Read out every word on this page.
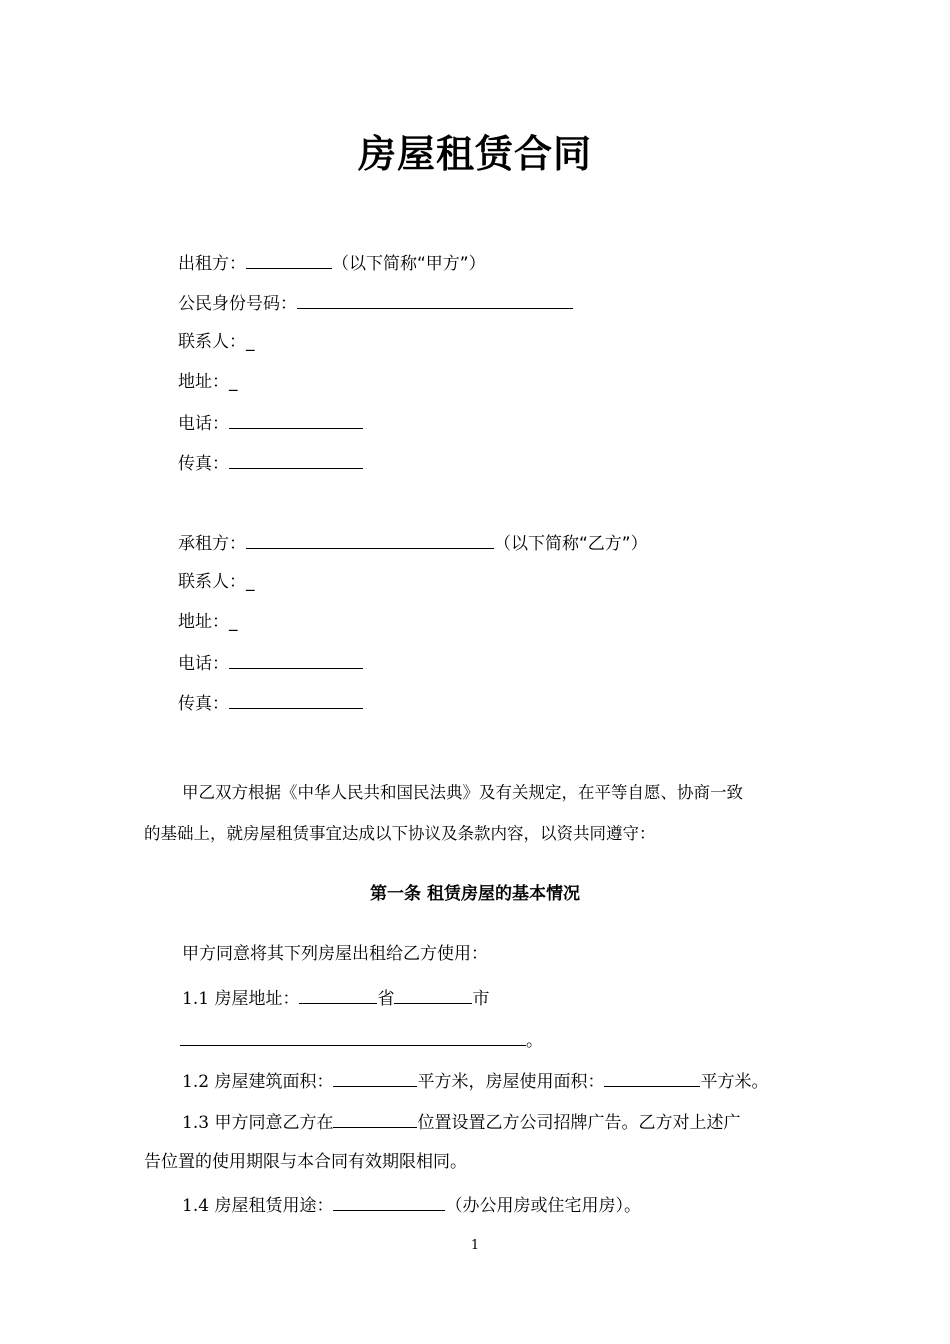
房屋租赁合同
出租方：	（以下简称“甲方”）
公民身份号码：
联系人：_
地址：_
电话：
传真：
承租方：	（以下简称“乙方”）
联系人：_
地址：_
电话：
传真：
甲乙双方根据《中华人民共和国民法典》及有关规定，在平等自愿、协商一致
的基础上，就房屋租赁事宜达成以下协议及条款内容，以资共同遵守：
第一条 租赁房屋的基本情况
甲方同意将其下列房屋出租给乙方使用：
1.1 房屋地址：	省	市
。
1.2 房屋建筑面积：	平方米，房屋使用面积：	平方米。
1.3 甲方同意乙方在	位置设置乙方公司招牌广告。乙方对上述广
告位置的使用期限与本合同有效期限相同。
1.4 房屋租赁用途：	（办公用房或住宅用房）。
1
